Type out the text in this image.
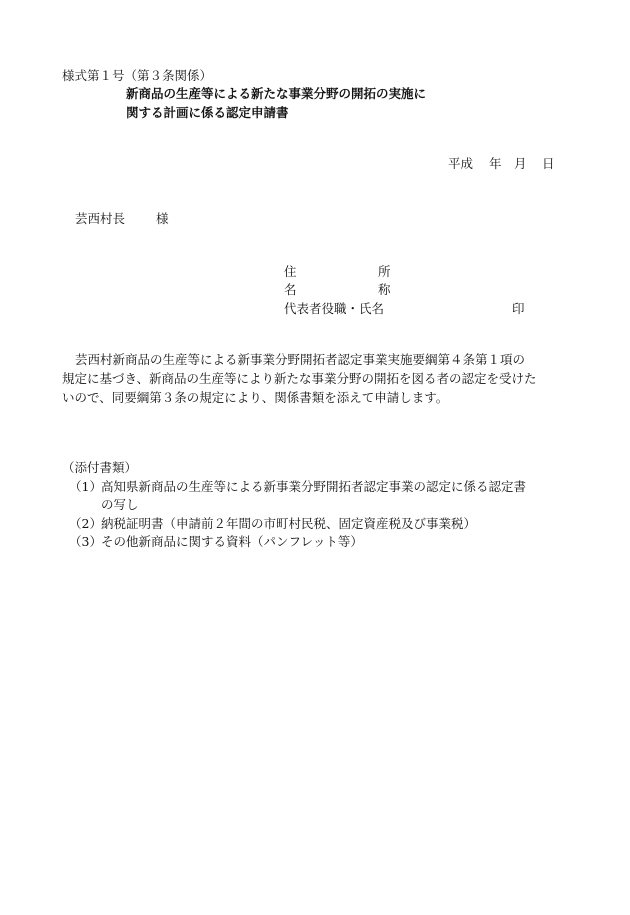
様式第１号（第３条関係）
新商品の生産等による新たな事業分野の開拓の実施に
関する計画に係る認定申請書
平成 年 月 日
芸西村長 様
住	所
名	称
代表者役職・氏名	印
芸西村新商品の生産等による新事業分野開拓者認定事業実施要綱第４条第１項の
規定に基づき、新商品の生産等により新たな事業分野の開拓を図る者の認定を受けた
いので、同要綱第３条の規定により、関係書類を添えて申請します。
（添付書類）
（1） 高知県新商品の生産等による新事業分野開拓者認定事業の認定に係る認定書
の写し
（2） 納税証明書（申請前２年間の市町村民税、固定資産税及び事業税）
（3） その他新商品に関する資料（パンフレット等）
